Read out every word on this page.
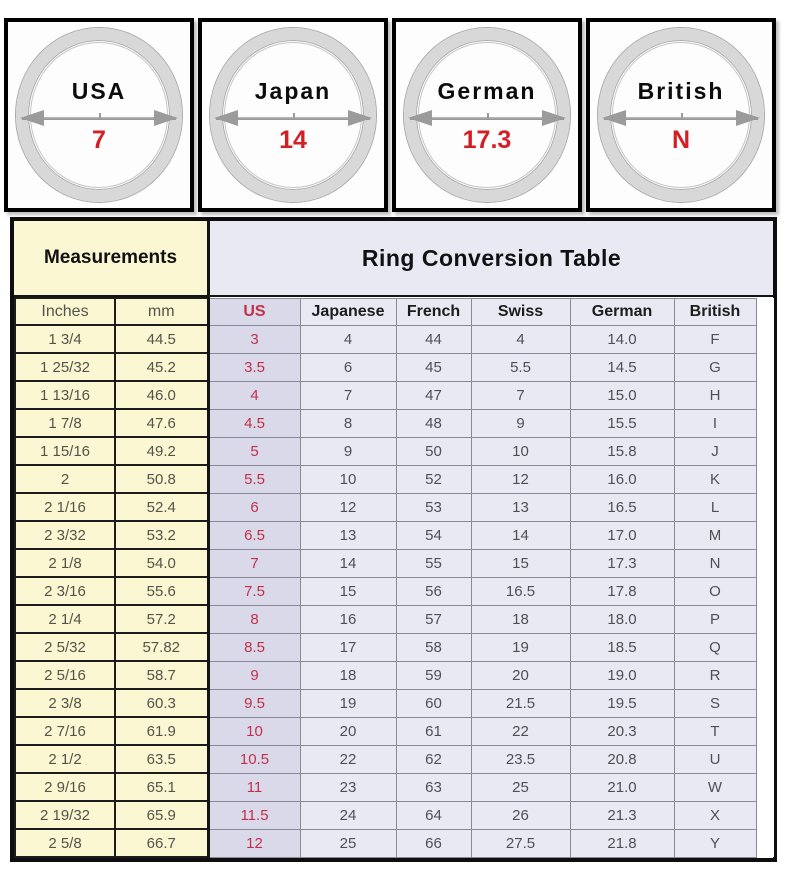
USA
7
Japan
14
German
17.3
British
N
Measurements	Ring Conversion Table
Inches	mm	US	Japanese	French	Swiss	German	British	
1 3/4	44.5	3	4	44	4	14.0	F	
1 25/32	45.2	3.5	6	45	5.5	14.5	G	
1 13/16	46.0	4	7	47	7	15.0	H	
1 7/8	47.6	4.5	8	48	9	15.5	I	
1 15/16	49.2	5	9	50	10	15.8	J	
2	50.8	5.5	10	52	12	16.0	K	
2 1/16	52.4	6	12	53	13	16.5	L	
2 3/32	53.2	6.5	13	54	14	17.0	M	
2 1/8	54.0	7	14	55	15	17.3	N	
2 3/16	55.6	7.5	15	56	16.5	17.8	O	
2 1/4	57.2	8	16	57	18	18.0	P	
2 5/32	57.82	8.5	17	58	19	18.5	Q	
2 5/16	58.7	9	18	59	20	19.0	R	
2 3/8	60.3	9.5	19	60	21.5	19.5	S	
2 7/16	61.9	10	20	61	22	20.3	T	
2 1/2	63.5	10.5	22	62	23.5	20.8	U	
2 9/16	65.1	11	23	63	25	21.0	W	
2 19/32	65.9	11.5	24	64	26	21.3	X	
2 5/8	66.7	12	25	66	27.5	21.8	Y	
